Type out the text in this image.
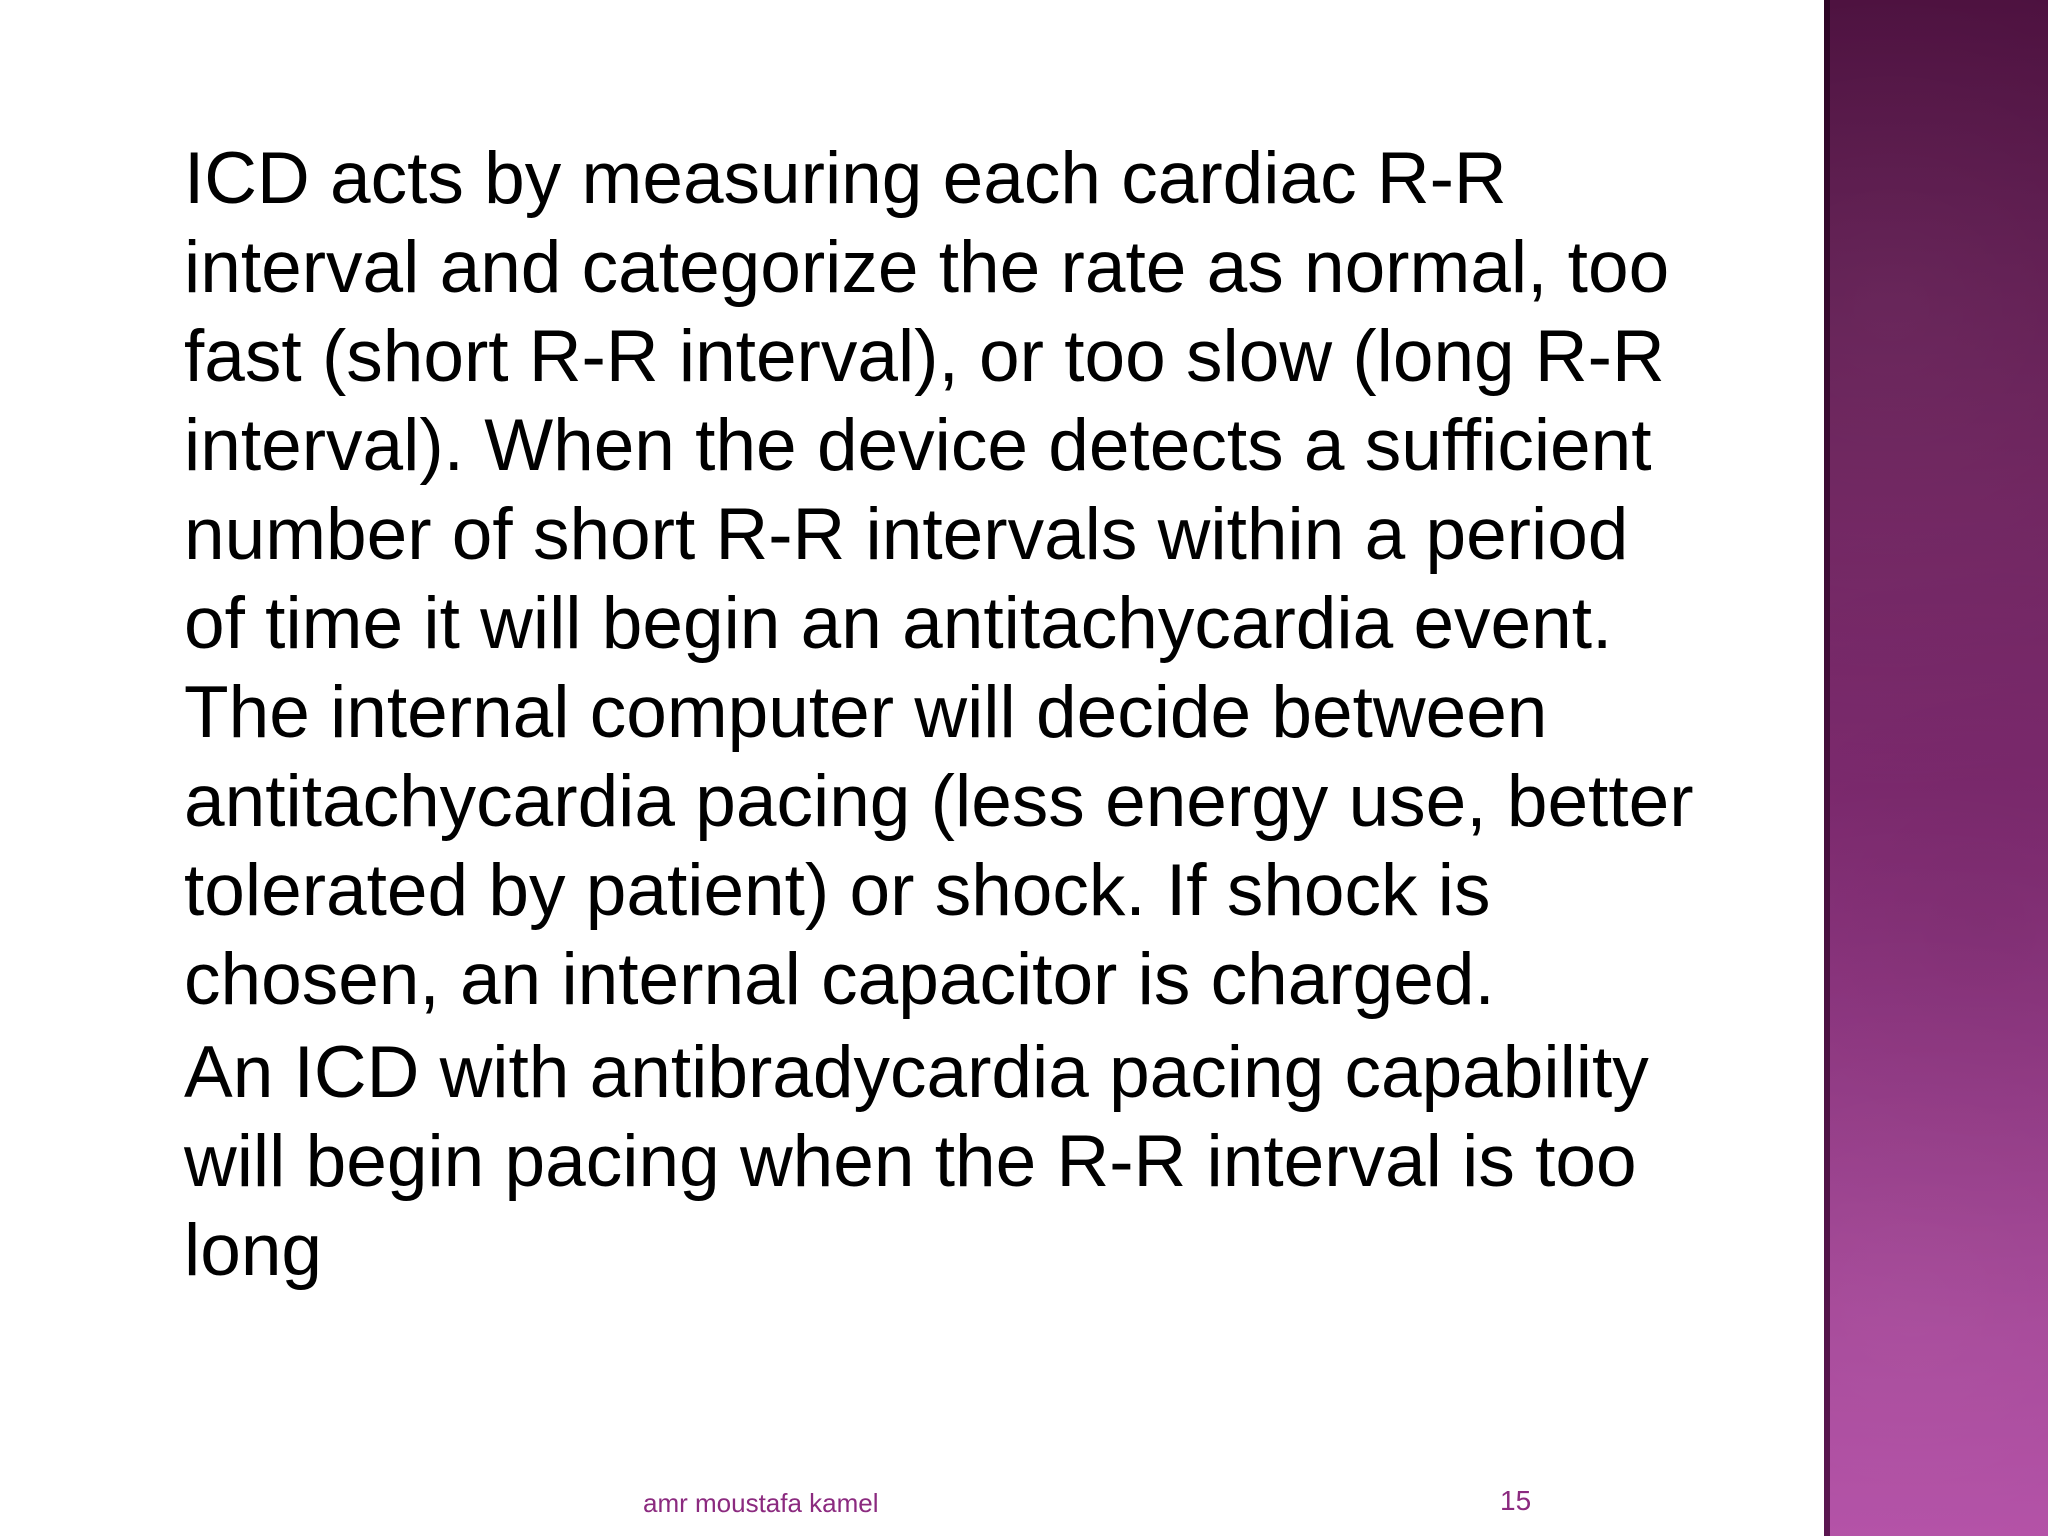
ICD acts by measuring each cardiac R-R interval and categorize the rate as normal, too fast (short R-R interval), or too slow (long R-R interval). When the device detects a sufficient number of short R-R intervals within a period of time it will begin an antitachycardia event. The internal computer will decide between antitachycardia pacing (less energy use, better tolerated by patient) or shock. If shock is chosen, an internal capacitor is charged.

An ICD with antibradycardia pacing capability will begin pacing when the R-R interval is too long

amr moustafa kamel	15
